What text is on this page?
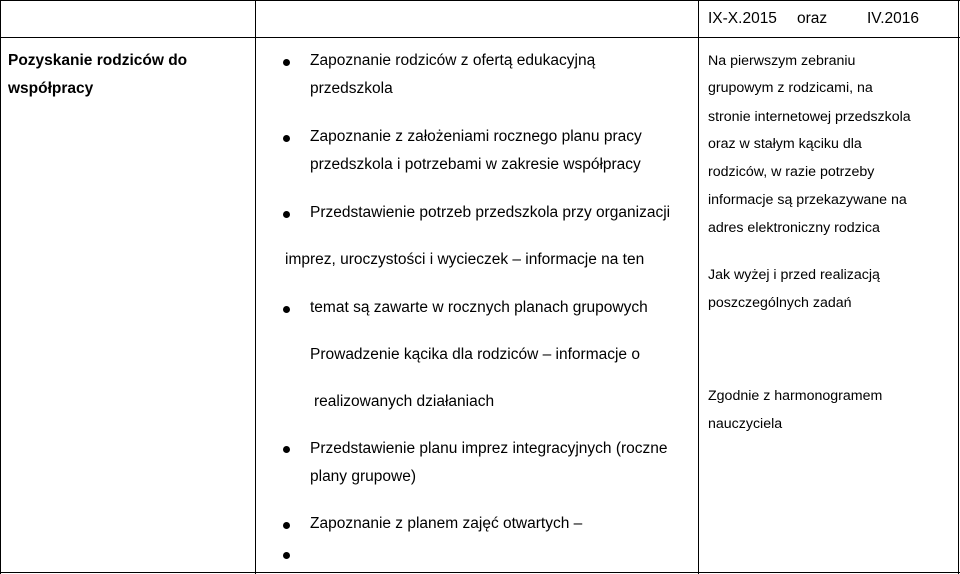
IX-X.2015 oraz	IV.2016
Pozyskanie rodziców do
współpracy
Zapoznanie rodziców z ofertą edukacyjną
przedszkola
Zapoznanie z założeniami rocznego planu pracy
przedszkola i potrzebami w zakresie współpracy
Przedstawienie potrzeb przedszkola przy organizacji
imprez, uroczystości i wycieczek – informacje na ten
temat są zawarte w rocznych planach grupowych
Prowadzenie kącika dla rodziców – informacje o
realizowanych działaniach
Przedstawienie planu imprez integracyjnych (roczne
plany grupowe)
Zapoznanie z planem zajęć otwartych –
Na pierwszym zebraniu
grupowym z rodzicami, na
stronie internetowej przedszkola
oraz w stałym kąciku dla
rodziców, w razie potrzeby
informacje są przekazywane na
adres elektroniczny rodzica
Jak wyżej i przed realizacją
poszczególnych zadań
Zgodnie z harmonogramem
nauczyciela
